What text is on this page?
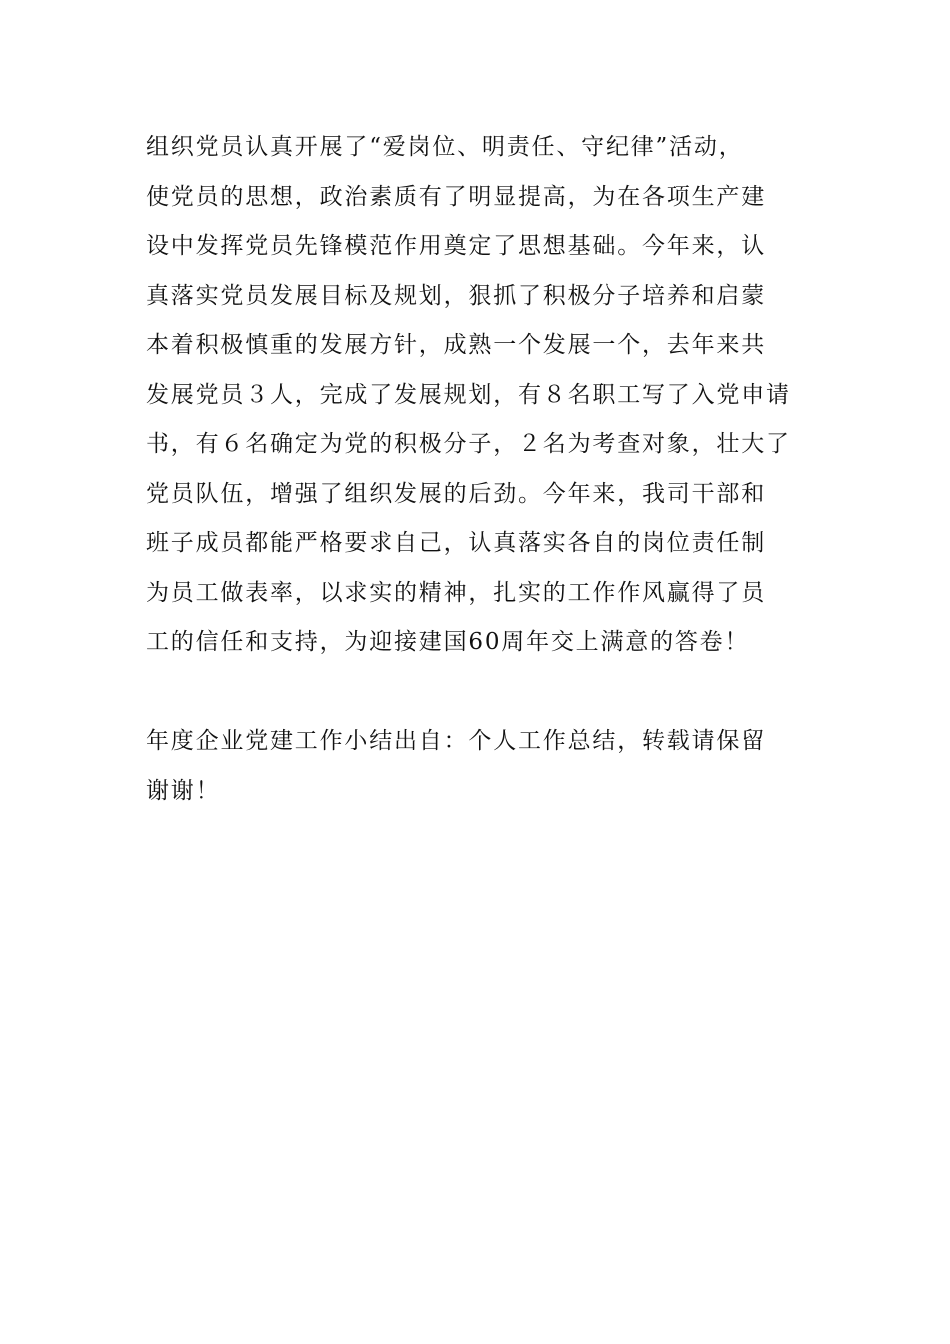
组织党员认真开展了“爱岗位、明责任、守纪律”活动，
使党员的思想，政治素质有了明显提高，为在各项生产建
设中发挥党员先锋模范作用奠定了思想基础。今年来，认
真落实党员发展目标及规划，狠抓了积极分子培养和启蒙
本着积极慎重的发展方针，成熟一个发展一个，去年来共
发展党员３人，完成了发展规划，有８名职工写了入党申请
书，有６名确定为党的积极分子，２名为考查对象，壮大了
党员队伍，增强了组织发展的后劲。今年来，我司干部和
班子成员都能严格要求自己，认真落实各自的岗位责任制
为员工做表率，以求实的精神，扎实的工作作风赢得了员
工的信任和支持，为迎接建国60周年交上满意的答卷！
年度企业党建工作小结出自：个人工作总结，转载请保留
谢谢！
